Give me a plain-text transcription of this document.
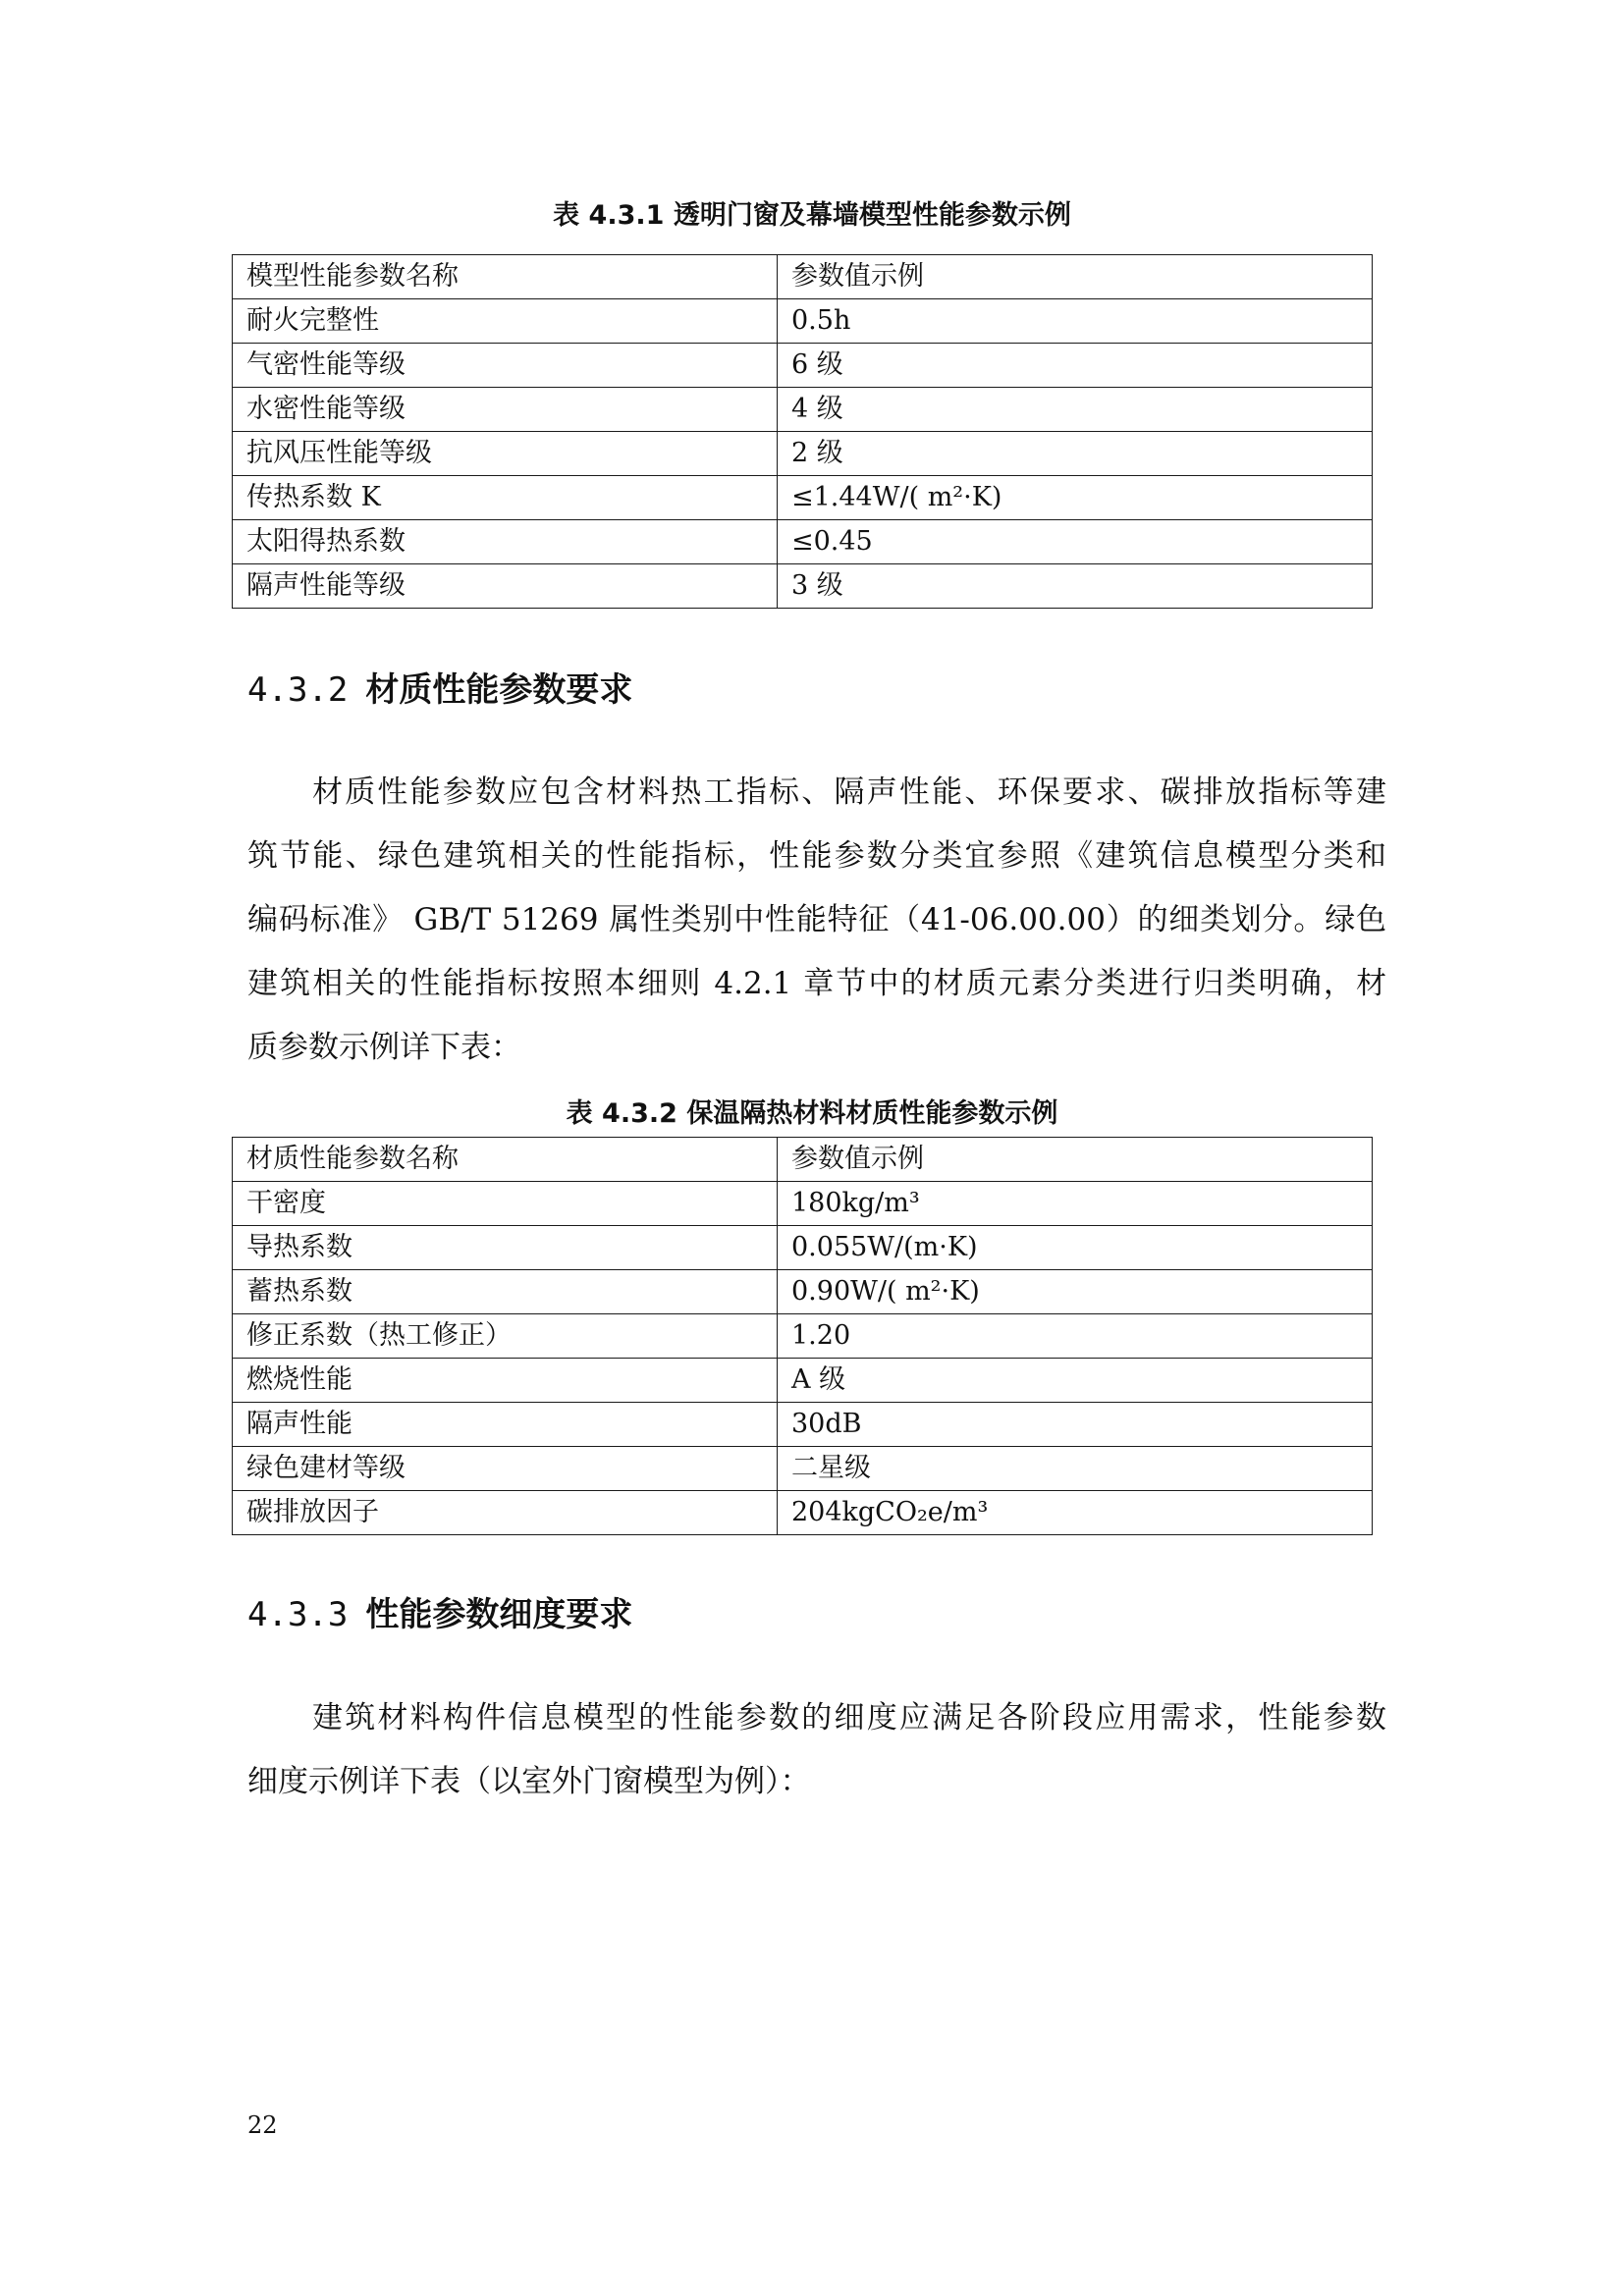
表 4.3.1 透明门窗及幕墙模型性能参数示例
模型性能参数名称	参数值示例
耐火完整性	0.5h
气密性能等级	6 级
水密性能等级	4 级
抗风压性能等级	2 级
传热系数 K	≤1.44W/( m²·K)
太阳得热系数	≤0.45
隔声性能等级	3 级
4.3.2 材质性能参数要求
材质性能参数应包含材料热工指标、隔声性能、环保要求、碳排放指标等建
筑节能、绿色建筑相关的性能指标，性能参数分类宜参照《建筑信息模型分类和
编码标准》 GB/T 51269 属性类别中性能特征（41-06.00.00）的细类划分。绿色
建筑相关的性能指标按照本细则 4.2.1 章节中的材质元素分类进行归类明确，材
质参数示例详下表：
表 4.3.2 保温隔热材料材质性能参数示例
材质性能参数名称	参数值示例
干密度	180kg/m³
导热系数	0.055W/(m·K)
蓄热系数	0.90W/( m²·K)
修正系数（热工修正）	1.20
燃烧性能	A 级
隔声性能	30dB
绿色建材等级	二星级
碳排放因子	204kgCO₂e/m³
4.3.3 性能参数细度要求
建筑材料构件信息模型的性能参数的细度应满足各阶段应用需求，性能参数
细度示例详下表（以室外门窗模型为例）：
22
